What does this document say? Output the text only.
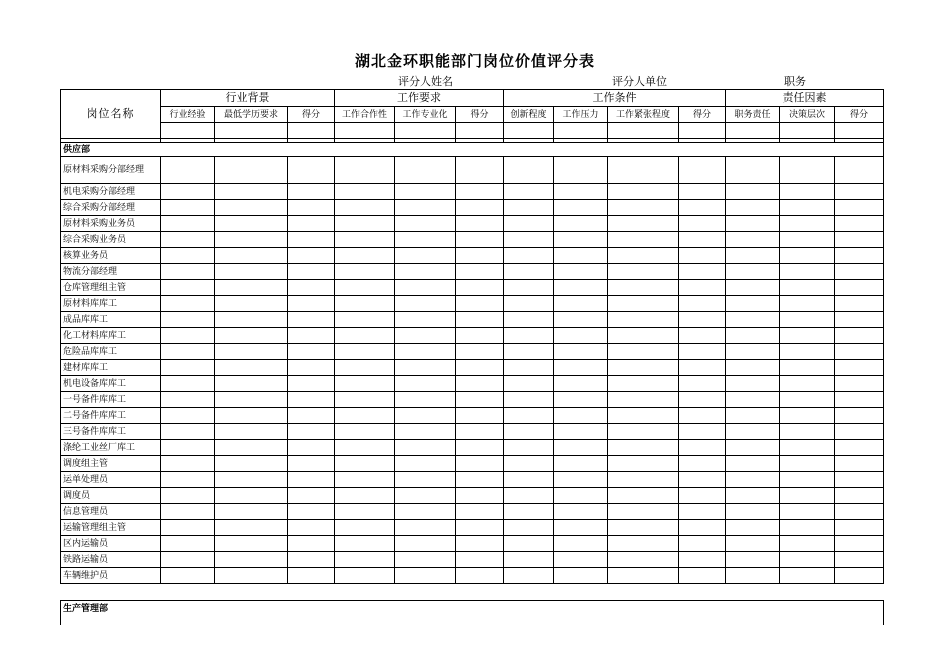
湖北金环职能部门岗位价值评分表
评分人姓名	评分人单位	职务
岗位名称	行业背景			工作要求			工作条件				责任因素		
	行业经验	最低学历要求	得分	工作合作性	工作专业化	得分	创新程度	工作压力	工作紧张程度	得分	职务责任	决策层次	得分

供应部													
原材料采购分部经理													
机电采购分部经理													
综合采购分部经理													
原材料采购业务员													
综合采购业务员													
核算业务员													
物流分部经理													
仓库管理组主管													
原材料库库工													
成品库库工													
化工材料库库工													
危险品库库工													
建材库库工													
机电设备库库工													
一号备件库库工													
二号备件库库工													
三号备件库库工													
涤纶工业丝厂库工													
调度组主管													
运单处理员													
调度员													
信息管理员													
运输管理组主管													
区内运输员													
铁路运输员													
车辆维护员													
生产管理部
